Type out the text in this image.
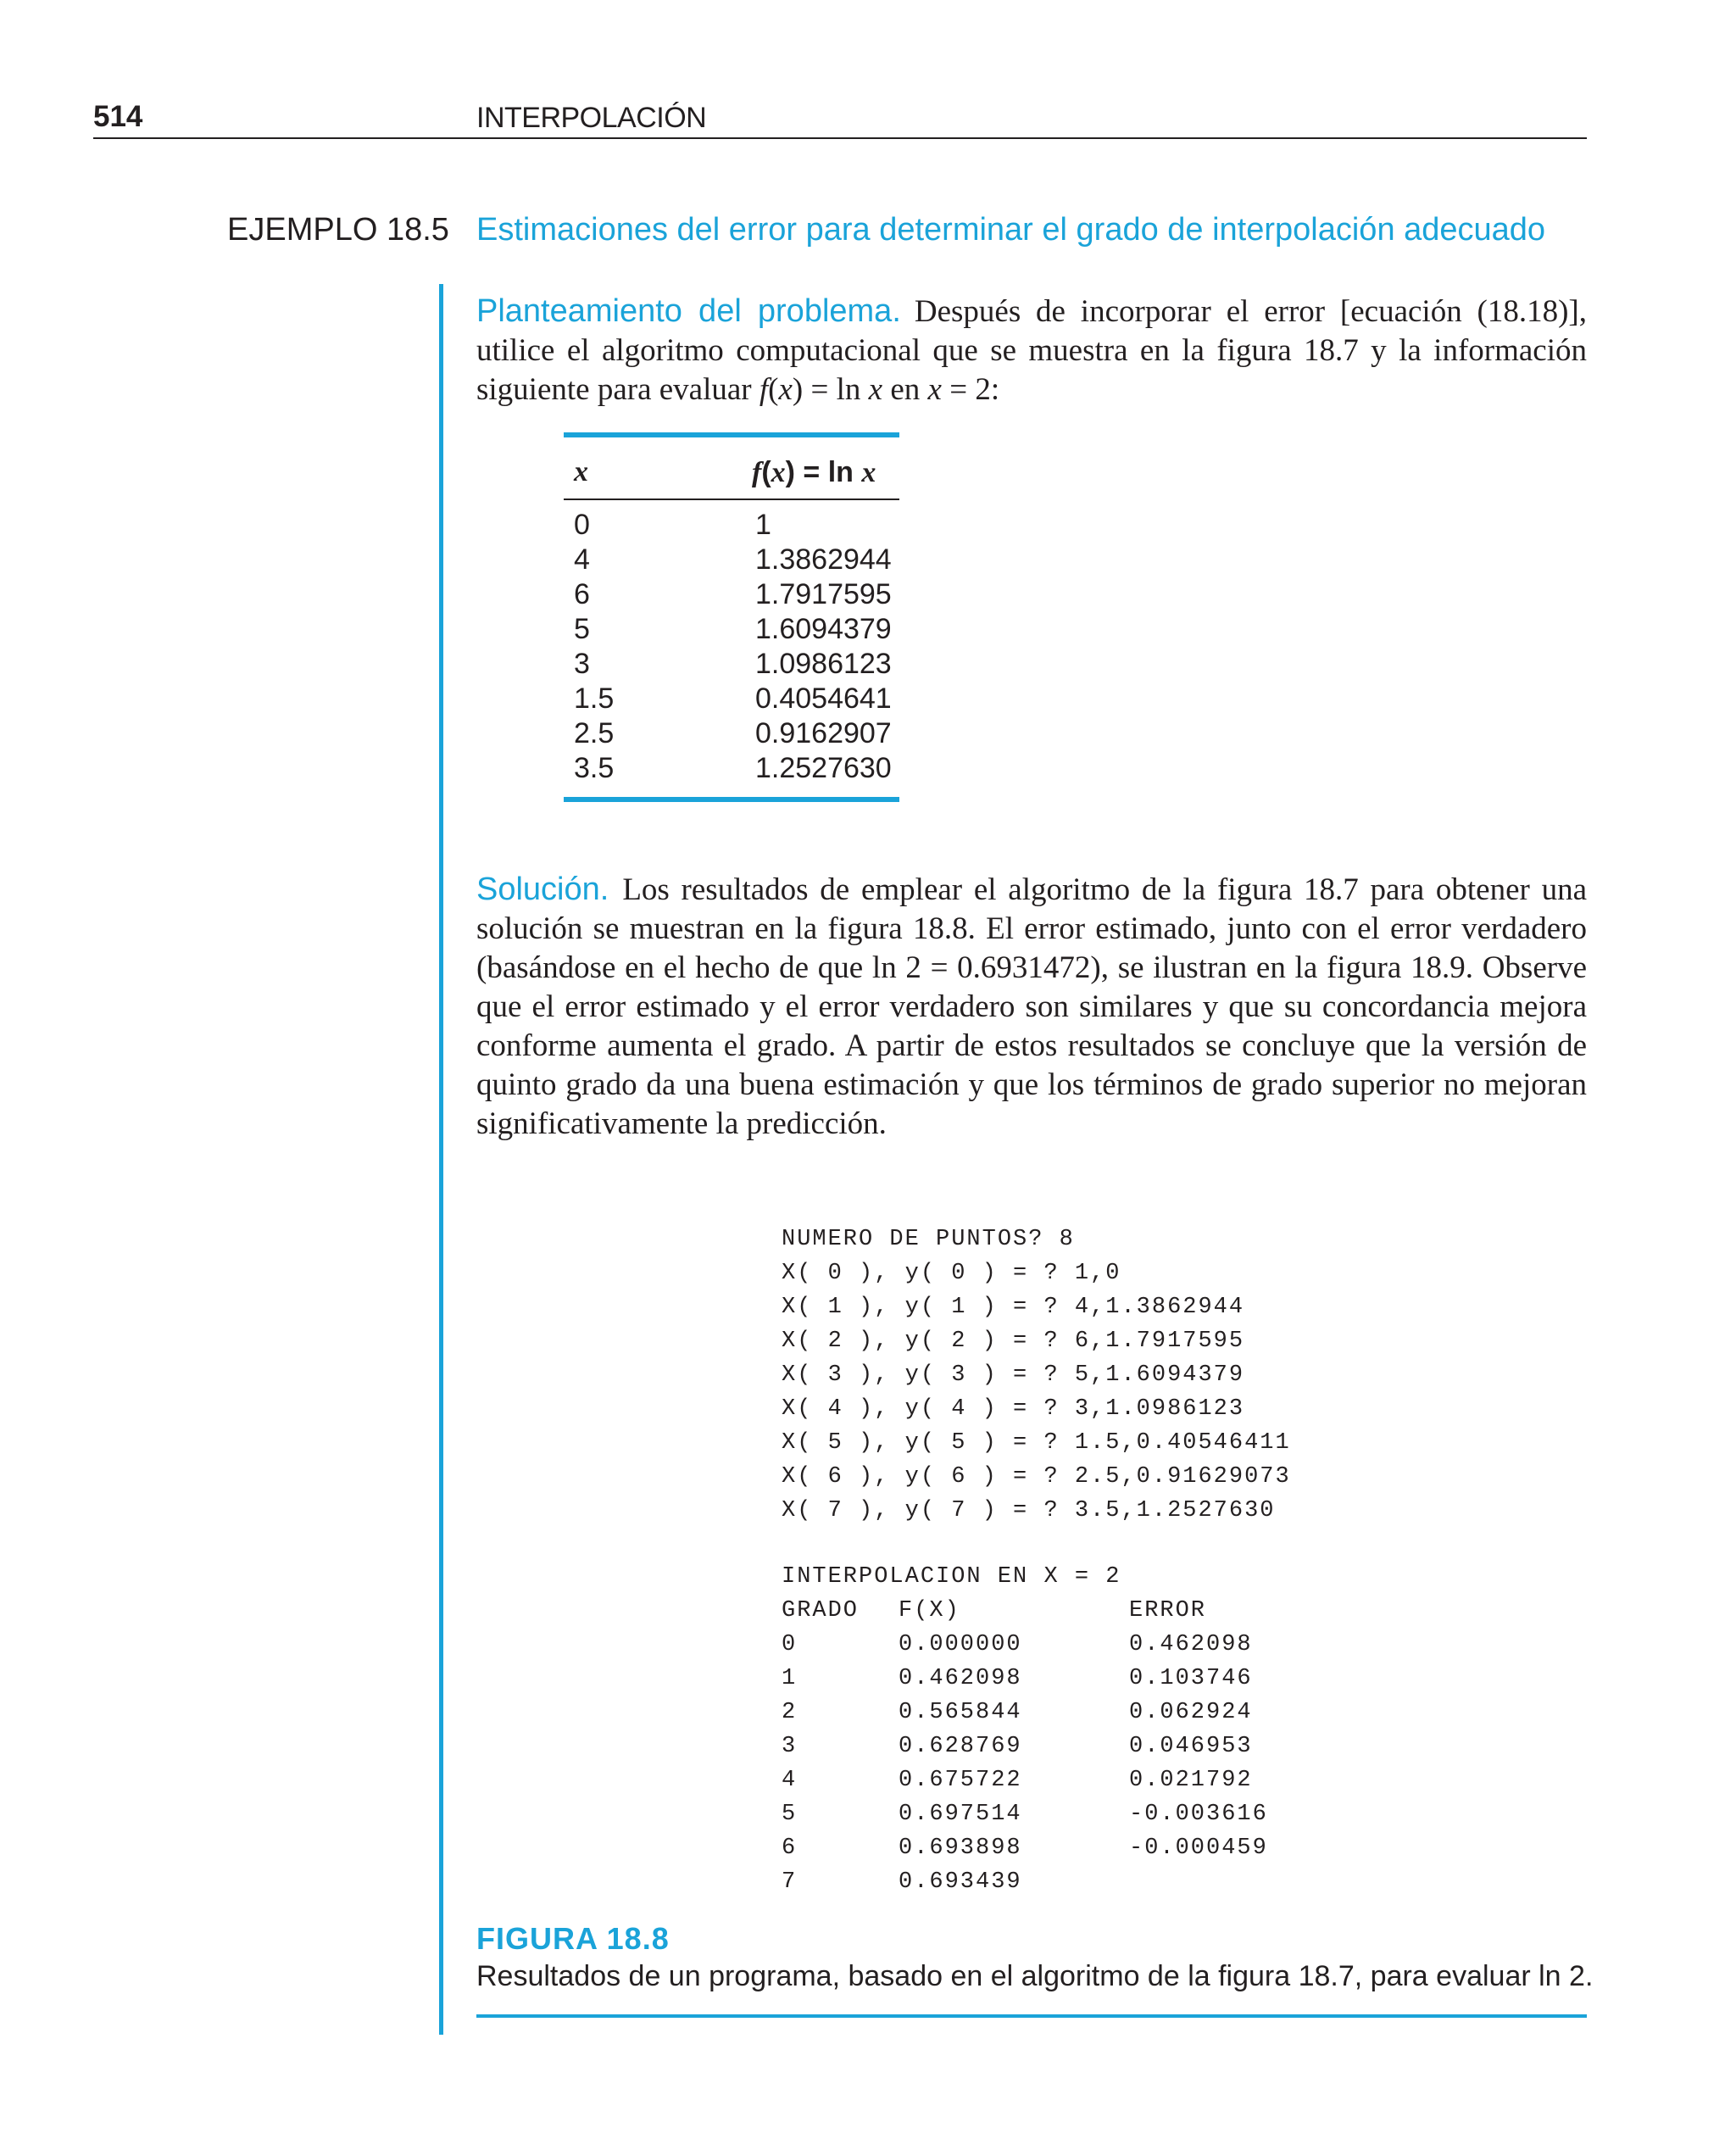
514	INTERPOLACIÓN
EJEMPLO 18.5 Estimaciones del error para determinar el grado de interpolación adecuado
Planteamiento del problema. Después de incorporar el error [ecuación (18.18)], utilice el algoritmo computacional que se muestra en la figura 18.7 y la información siguiente para evaluar f(x) = ln x en x = 2:
x	f(x) = ln x
0	1
4	1.3862944
6	1.7917595
5	1.6094379
3	1.0986123
1.5	0.4054641
2.5	0.9162907
3.5	1.2527630
Solución. Los resultados de emplear el algoritmo de la figura 18.7 para obtener una solución se muestran en la figura 18.8. El error estimado, junto con el error verdadero (basándose en el hecho de que ln 2 = 0.6931472), se ilustran en la figura 18.9. Observe que el error estimado y el error verdadero son similares y que su concordancia mejora conforme aumenta el grado. A partir de estos resultados se concluye que la versión de quinto grado da una buena estimación y que los términos de grado superior no mejoran significativamente la predicción.
NUMERO DE PUNTOS? 8
X( 0 ), y( 0 ) = ? 1,0
X( 1 ), y( 1 ) = ? 4,1.3862944
X( 2 ), y( 2 ) = ? 6,1.7917595
X( 3 ), y( 3 ) = ? 5,1.6094379
X( 4 ), y( 4 ) = ? 3,1.0986123
X( 5 ), y( 5 ) = ? 1.5,0.40546411
X( 6 ), y( 6 ) = ? 2.5,0.91629073
X( 7 ), y( 7 ) = ? 3.5,1.2527630
INTERPOLACION EN X = 2
GRADO F(X)	ERROR
0	0.000000	0.462098
1	0.462098	0.103746
2	0.565844	0.062924
3	0.628769	0.046953
4	0.675722	0.021792
5	0.697514	-0.003616
6	0.693898	-0.000459
7	0.693439
FIGURA 18.8
Resultados de un programa, basado en el algoritmo de la figura 18.7, para evaluar ln 2.
